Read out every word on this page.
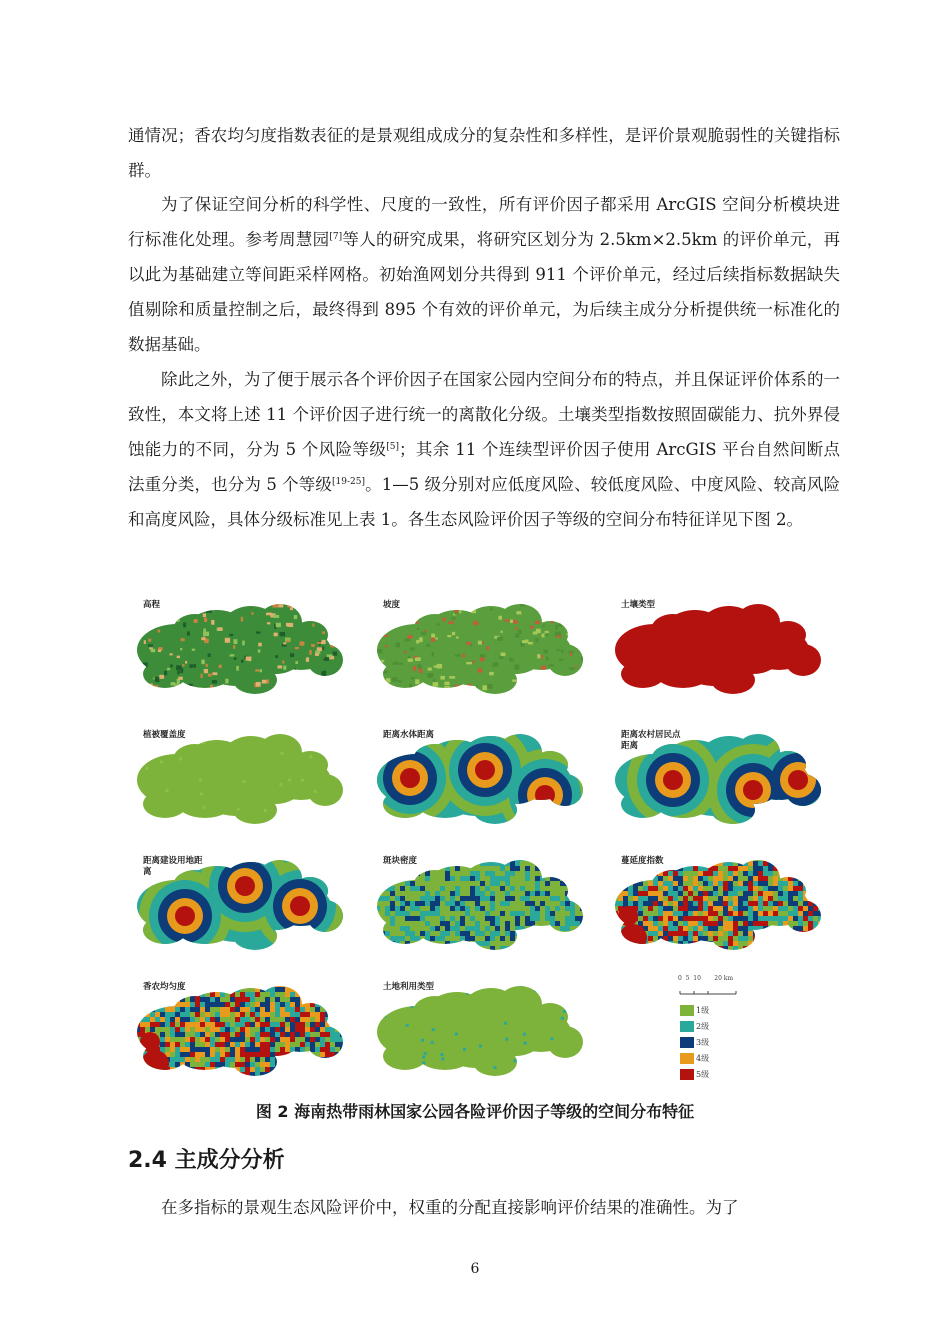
通情况；香农均匀度指数表征的是景观组成成分的复杂性和多样性，是评价景观脆弱性的关键指标群。

为了保证空间分析的科学性、尺度的一致性，所有评价因子都采用 ArcGIS 空间分析模块进行标准化处理。参考周慧园[7]等人的研究成果，将研究区划分为 2.5km×2.5km 的评价单元，再以此为基础建立等间距采样网格。初始渔网划分共得到 911 个评价单元，经过后续指标数据缺失值剔除和质量控制之后，最终得到 895 个有效的评价单元，为后续主成分分析提供统一标准化的数据基础。

除此之外，为了便于展示各个评价因子在国家公园内空间分布的特点，并且保证评价体系的一致性，本文将上述 11 个评价因子进行统一的离散化分级。土壤类型指数按照固碳能力、抗外界侵蚀能力的不同，分为 5 个风险等级[5]；其余 11 个连续型评价因子使用 ArcGIS 平台自然间断点法重分类，也分为 5 个等级[19-25]。1—5 级分别对应低度风险、较低度风险、中度风险、较高风险和高度风险，具体分级标准见上表 1。各生态风险评价因子等级的空间分布特征详见下图 2。

高程	坡度	土壤类型
植被覆盖度	距离水体距离	距离农村居民点距离
距离建设用地距离
斑块密度	蔓延度指数
香农均匀度	土地利用类型
0  5  10       20 km
1级
2级
3级
4级
5级

图 2 海南热带雨林国家公园各险评价因子等级的空间分布特征

2.4 主成分分析

在多指标的景观生态风险评价中，权重的分配直接影响评价结果的准确性。为了

6
